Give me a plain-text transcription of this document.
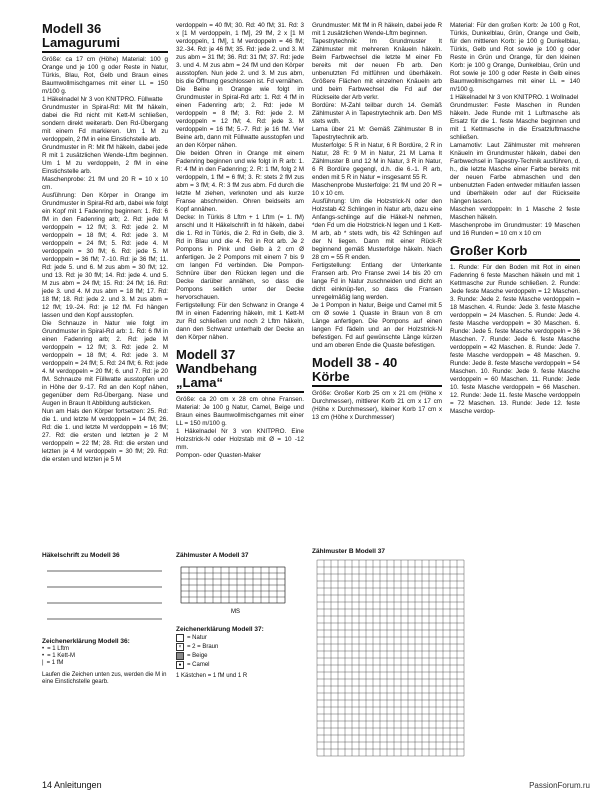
Modell 36
Lamagurumi

Größe: ca 17 cm (Höhe) Material: 100 g Orange und je 100 g oder Reste in Natur, Türkis, Blau, Rot, Gelb und Braun eines Baumwollmischgarnes mit einer LL = 150 m/100 g.

1 Häkelnadel Nr 3 von KNITPRO. Füllwatte

Grundmuster in Spiral-Rd: Mit fM häkeln, dabei die Rd nicht mit Kett-M schließen, sondern direkt weiterarb. Den Rd-Übergang mit einem Fd markieren. Um 1 M zu verdoppeln, 2 fM in eine Einstichstelle arb.

Grundmuster in R: Mit fM häkeln, dabei jede R mit 1 zusätzlichen Wende-Lftm beginnen. Um 1 M zu verdoppeln, 2 fM in eine Einstichstelle arb.

Maschenprobe: 21 fM und 20 R = 10 x 10 cm.

Ausführung: Den Körper in Orange im Grundmuster in Spiral-Rd arb, dabei wie folgt ein Kopf mit 1 Fadenring beginnen: 1. Rd: 6 fM in den Fadenring arb; 2. Rd: jede M verdoppeln = 12 fM; 3. Rd: jede 2. M verdoppeln = 18 fM; 4. Rd: jede 3. M verdoppeln = 24 fM; 5. Rd: jede 4. M verdoppeln = 30 fM; 6. Rd: jede 5. M verdoppeln = 36 fM; 7.-10. Rd: je 36 fM; 11. Rd: jede 5. und 6. M zus abm = 30 fM; 12. und 13. Rd: je 30 fM; 14. Rd: jede 4. und 5. M zus abm = 24 fM; 15. Rd: 24 fM; 16. Rd: jede 3. und 4. M zus abm = 18 fM; 17. Rd: 18 fM; 18. Rd: jede 2. und 3. M zus abm = 12 fM; 19.-24. Rd: je 12 fM. Fd hängen lassen und den Kopf ausstopfen.

Die Schnauze in Natur wie folgt im Grundmuster in Spiral-Rd arb: 1. Rd: 6 fM in einen Fadenring arb; 2. Rd: jede M verdoppeln = 12 fM; 3. Rd: jede 2. M verdoppeln = 18 fM; 4. Rd: jede 3. M verdoppeln = 24 fM; 5. Rd: 24 fM; 6. Rd: jede 4. M verdoppeln = 20 fM; 6. und 7. Rd: je 20 fM. Schnauze mit Füllwatte ausstopfen und in Höhe der 9.-17. Rd an den Kopf nähen, gegenüber dem Rd-Übergang. Nase und Augen in Braun lt Abbildung aufsticken.

Nun am Hals den Körper fortsetzen: 25. Rd: die 1. und letzte M verdoppeln = 14 fM; 26. Rd: die 1. und letzte M verdoppeln = 16 fM; 27. Rd: die ersten und letzten je 2 M verdoppeln = 22 fM; 28. Rd: die ersten und letzten je 4 M verdoppeln = 30 fM; 29. Rd: die ersten und letzten je 5 M

verdoppeln = 40 fM; 30. Rd: 40 fM; 31. Rd: 3 x [1 M verdoppeln, 1 fM], 29 fM, 2 x [1 M verdoppeln, 1 fM], 1 M verdoppeln = 46 fM; 32.-34. Rd: je 46 fM; 35. Rd: jede 2. und 3. M zus abm = 31 fM; 36. Rd: 31 fM; 37. Rd: jede 3. und 4. M zus abm = 24 fM und den Körper ausstopfen. Nun jede 2. und 3. M zus abm, bis die Öffnung geschlossen ist. Fd vernähen.

Die Beine in Orange wie folgt im Grundmuster in Spiral-Rd arb: 1. Rd: 4 fM in einen Fadenring arb; 2. Rd: jede M verdoppeln = 8 fM; 3. Rd: jede 2. M verdoppeln = 12 fM; 4. Rd: jede 3. M verdoppeln = 16 fM; 5.-7. Rd: je 16 fM. Vier Beine arb, dann mit Füllwatte ausstopfen und an den Körper nähen.

Die beiden Ohren in Orange mit einem Fadenring beginnen und wie folgt in R arb: 1. R: 4 fM in den Fadenring; 2. R: 1 fM, folg 2 M verdoppeln, 1 fM = 6 fM; 3. R: stets 2 fM zus abm = 3 fM; 4. R: 3 fM zus abm. Fd durch die letzte M ziehen, verknoten und als kurze Franse abschneiden. Ohren beidseits am Kopf annähen.

Decke: In Türkis 8 Lftm + 1 Lftm (= 1. fM) anschl und It Häkelschrift in fd häkeln, dabei die 1. Rd in Türkis, die 2. Rd in Gelb, die 3. Rd in Blau und die 4. Rd in Rot arb. Je 2 Pompons in Pink und Gelb à 2 cm Ø anfertigen. Je 2 Pompons mit einem 7 bis 9 cm langen Fd verbinden. Die Pompon-Schnüre über den Rücken legen und die Decke darüber annähen, so dass die Pompons seitlich unter der Decke hervorschauen.

Fertigstellung: Für den Schwanz in Orange 4 fM in einen Fadenring häkeln, mit 1 Kett-M zur Rd schließen und noch 2 Lftm häkeln, dann den Schwanz unterhalb der Decke an den Körper nähen.

Modell 37
Wandbehang „Lama“

Größe: ca 20 cm x 28 cm ohne Fransen. Material: Je 100 g Natur, Camel, Beige und Braun eines Baumwollmischgarnes mit einer LL = 150 m/100 g.

1 Häkelnadel Nr 3 von KNITPRO. Eine Holzstrick-N oder Holzstab mit Ø = 10 -12 mm.

Pompon- oder Quasten-Maker

Grundmuster: Mit fM in R häkeln, dabei jede R mit 1 zusätzlichen Wende-Lftm beginnen.

Tapestrytechnik: Im Grundmuster It Zählmuster mit mehreren Knäueln häkeln. Beim Farbwechsel die letzte M einer Fb bereits mit der neuen Fb arb. Den unbenutzten Fd mitführen und überhäkeln. Größere Flächen mit einzelnen Knäueln arb und beim Farbwechsel die Fd auf der Rückseite der Arb verkr.

Bordüre: M-Zahl teilbar durch 14. Gemäß Zählmuster A in Tapestrytechnik arb. Den MS stets wdh.

Lama über 21 M: Gemäß Zählmuster B in Tapestrytechnik arb.

Musterfolge: 5 R in Natur, 6 R Bordüre, 2 R in Natur, 28 R: 9 M in Natur, 21 M Lama It Zählmuster B und 12 M in Natur, 3 R in Natur, 6 R Bordüre gegengl, d.h. die 6.-1. R arb, enden mit 5 R in Natur = insgesamt 55 R.

Maschenprobe Musterfolge: 21 fM und 20 R = 10 x 10 cm.

Ausführung: Um die Holzstrick-N oder den Holzstab 42 Schlingen in Natur arb, dazu eine Anfangs-schlinge auf die Häkel-N nehmen, *den Fd um die Holzstrick-N legen und 1 Kett-M arb, ab * stets wdh, bis 42 Schlingen auf der N liegen. Dann mit einer Rück-R beginnend gemäß Musterfolge häkeln. Nach 28 cm = 55 R enden.

Fertigstellung: Entlang der Unterkante Fransen arb. Pro Franse zwei 14 bis 20 cm lange Fd in Natur zuschneiden und dicht an dicht einknüp-fen, so dass die Fransen unregelmäßig lang werden.

Je 1 Pompon in Natur, Beige und Camel mit 5 cm Ø sowie 1 Quaste in Braun von 8 cm Länge anfertigen. Die Pompons auf einen langen Fd fädeln und an der Holzstrick-N befestigen. Fd auf gewünschte Länge kürzen und am oberen Ende die Quaste befestigen.

Modell 38 - 40
Körbe

Größe: Großer Korb 25 cm x 21 cm (Höhe x Durchmesser), mittlerer Korb 21 cm x 17 cm (Höhe x Durchmesser), kleiner Korb 17 cm x 13 cm (Höhe x Durchmesser)

Material: Für den großen Korb: Je 100 g Rot, Türkis, Dunkelblau, Grün, Orange und Gelb, für den mittleren Korb: je 100 g Dunkelblau, Türkis, Gelb und Rot sowie je 100 g oder Reste in Grün und Orange, für den kleinen Korb: je 100 g Orange, Dunkelblau, Grün und Rot sowie je 100 g oder Reste in Gelb eines Baumwollmischgarnes mit einer LL = 140 m/100 g.

1 Häkelnadel Nr 3 von KNITPRO. 1 Wollnadel

Grundmuster: Feste Maschen in Runden häkeln. Jede Runde mit 1 Luftmasche als Ersatz für die 1. feste Masche beginnen und mit 1 Kettmasche in die Ersatzluftmasche schließen.

Lamamotiv: Laut Zählmuster mit mehreren Knäueln im Grundmuster häkeln, dabei den Farbwechsel in Tapestry-Technik ausführen, d. h., die letzte Masche einer Farbe bereits mit der neuen Farbe abmaschen und den unbenutzten Faden entweder mitlaufen lassen und überhäkeln oder auf der Rückseite hängen lassen.

Maschen verdoppeln: In 1 Masche 2 feste Maschen häkeln.

Maschenprobe im Grundmuster: 19 Maschen und 16 Runden = 10 cm x 10 cm

Großer Korb

1. Runde: Für den Boden mit Rot in einen Fadenring 6 feste Maschen häkeln und mit 1 Kettmasche zur Runde schließen. 2. Runde: Jede feste Masche verdoppeln = 12 Maschen. 3. Runde: Jede 2. feste Masche verdoppeln = 18 Maschen. 4. Runde: Jede 3. feste Masche verdoppeln = 24 Maschen. 5. Runde: Jede 4. feste Masche verdoppeln = 30 Maschen. 6. Runde: Jede 5. feste Masche verdoppeln = 36 Maschen. 7. Runde: Jede 6. feste Masche verdoppeln = 42 Maschen. 8. Runde: Jede 7. feste Masche verdoppeln = 48 Maschen. 9. Runde: Jede 8. feste Masche verdoppeln = 54 Maschen. 10. Runde: Jede 9. feste Masche verdoppeln = 60 Maschen. 11. Runde: Jede 10. feste Masche verdoppeln = 66 Maschen. 12. Runde: Jede 11. feste Masche verdoppeln = 72 Maschen. 13. Runde: Jede 12. feste Masche verdop-

Häkelschrift zu Modell 36
Zeichenerklärung Modell 36:
• = 1 Lftm
• = 1 Kett-M
| = 1 fM
Laufen die Zeichen unten zus, werden die M in eine Einstichstelle gearb.
Zählmuster A Modell 37
MS
Zeichenerklärung Modell 37:
= Natur
× = 2 = Braun
= Beige
● = Camel
1 Kästchen = 1 fM und 1 R
Zählmuster B Modell 37
14 Anleitungen	PassionForum.ru
